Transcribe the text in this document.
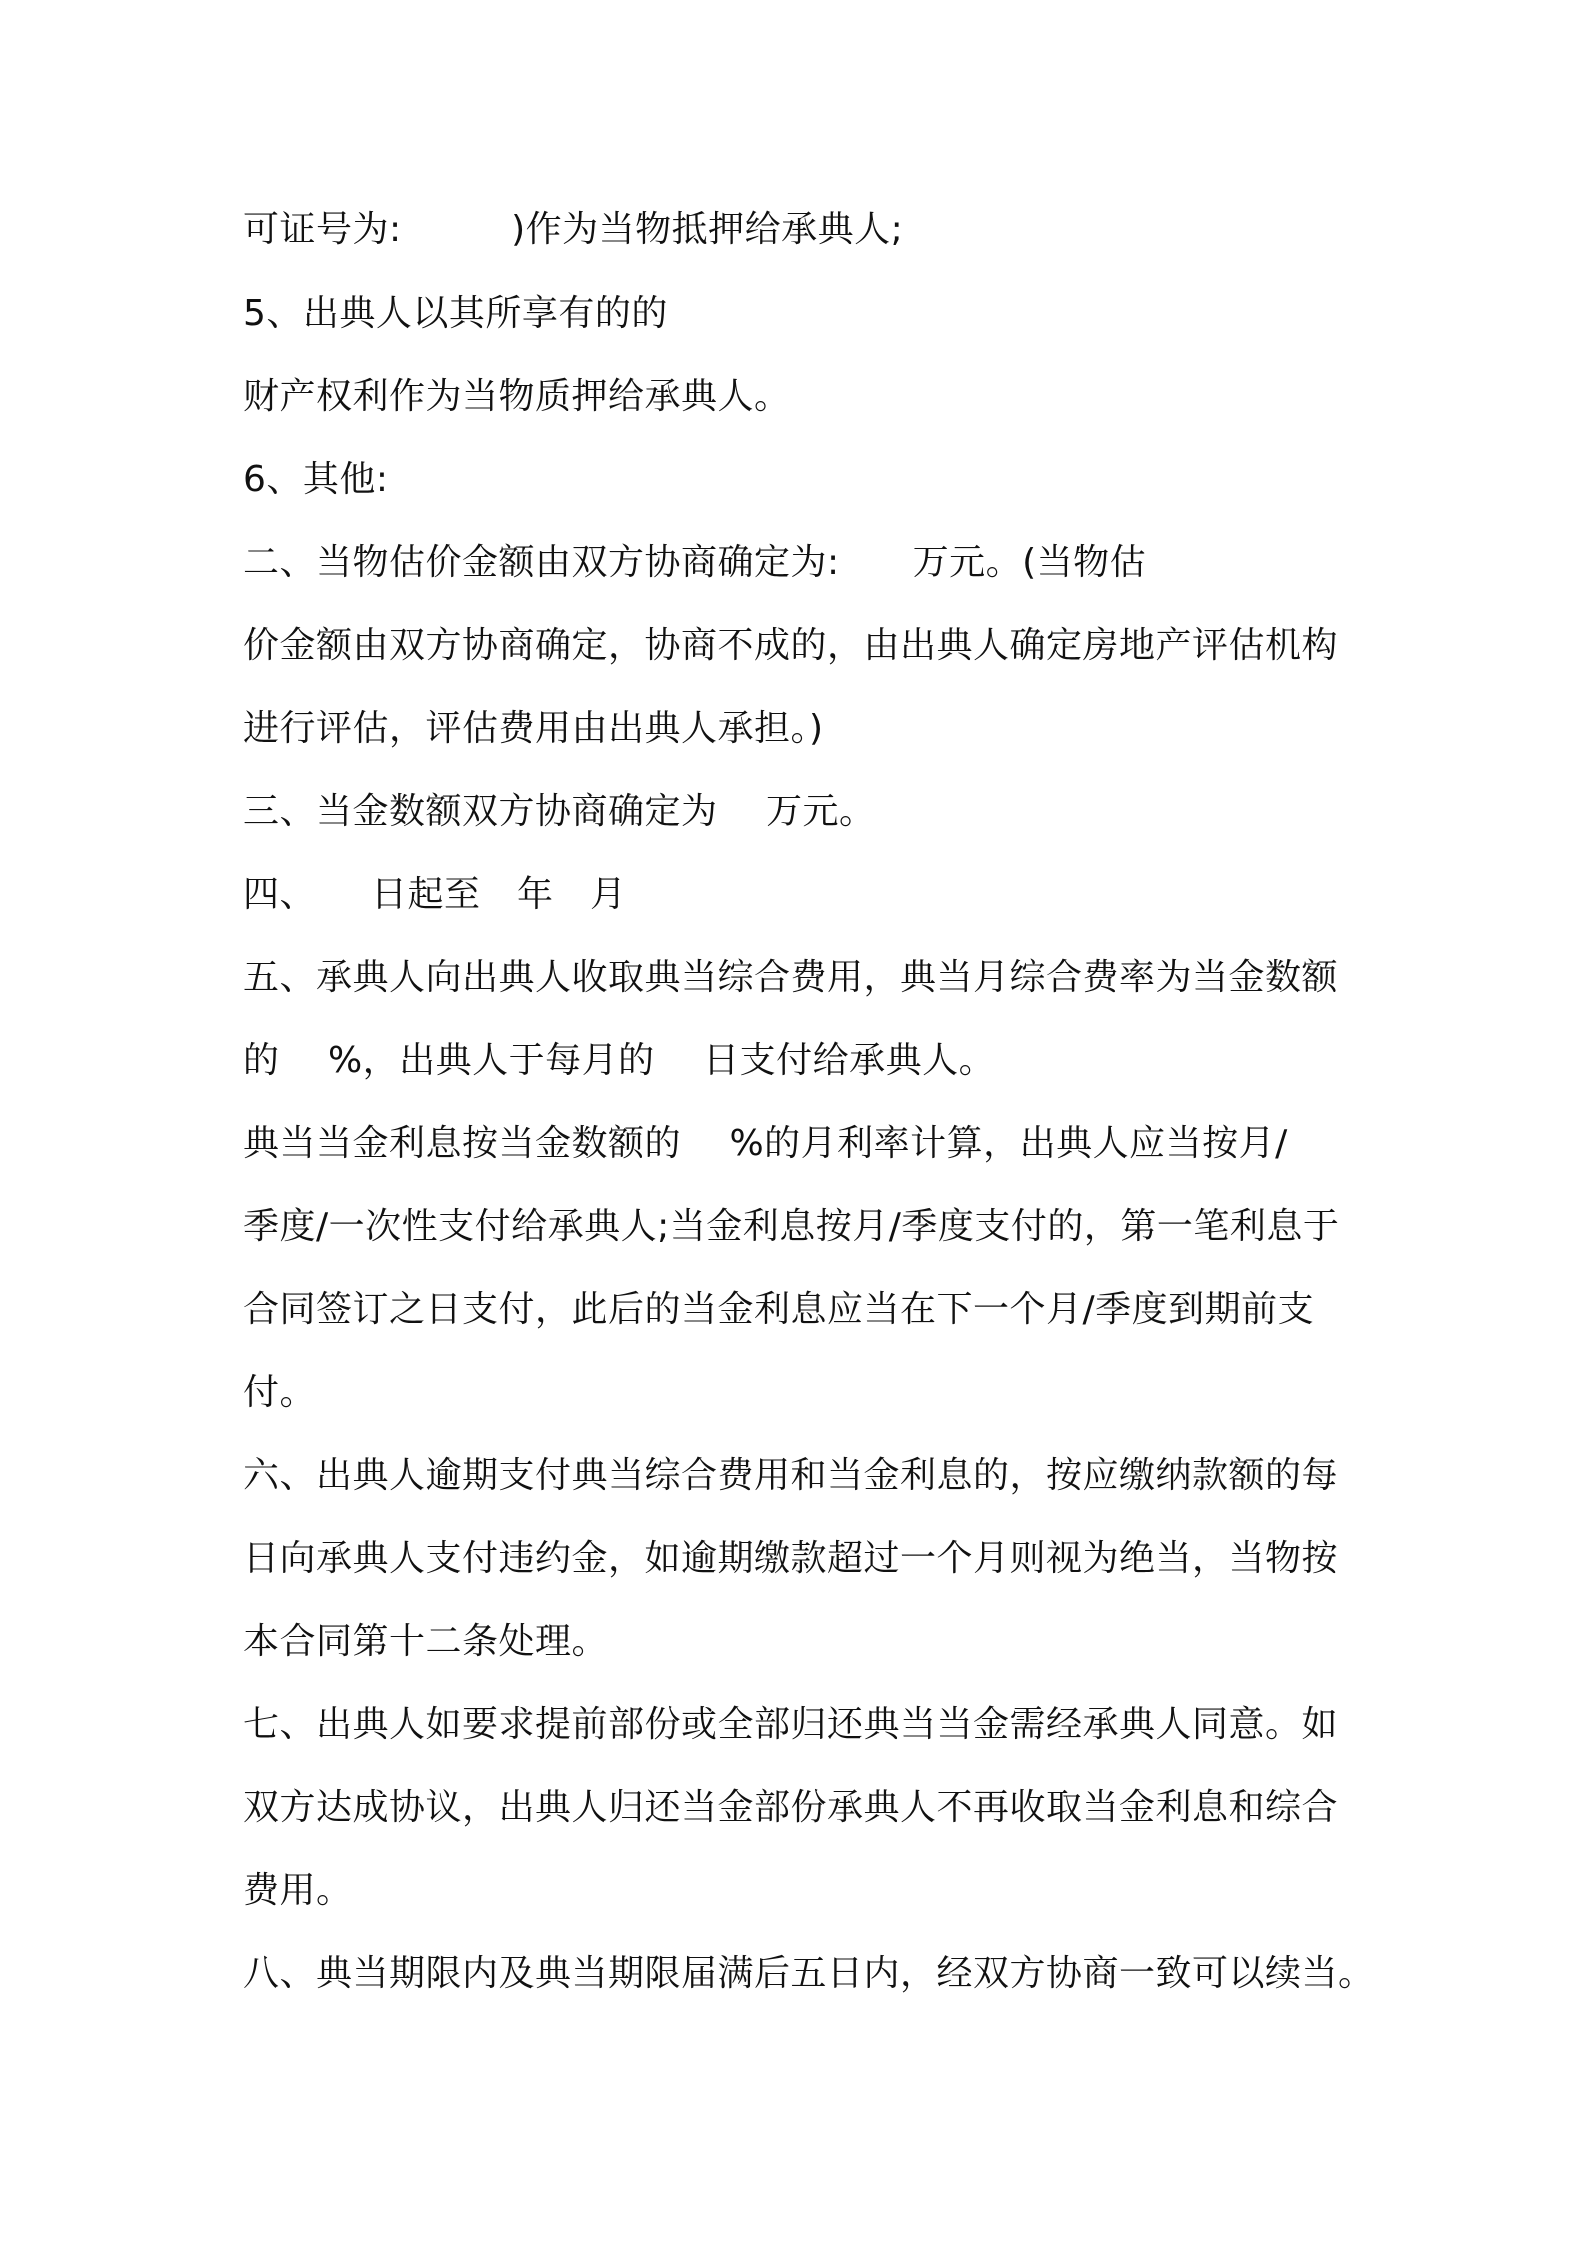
可证号为:　　　)作为当物抵押给承典人;
5、出典人以其所享有的的
财产权利作为当物质押给承典人。
6、其他:
二、当物估价金额由双方协商确定为:　　万元。(当物估
价金额由双方协商确定，协商不成的，由出典人确定房地产评估机构
进行评估，评估费用由出典人承担。)
三、当金数额双方协商确定为　 万元。
四、　　日起至　年　月
五、承典人向出典人收取典当综合费用，典当月综合费率为当金数额
的　 %，出典人于每月的　 日支付给承典人。
典当当金利息按当金数额的　 %的月利率计算，出典人应当按月/
季度/一次性支付给承典人;当金利息按月/季度支付的，第一笔利息于
合同签订之日支付，此后的当金利息应当在下一个月/季度到期前支
付。
六、出典人逾期支付典当综合费用和当金利息的，按应缴纳款额的每
日向承典人支付违约金，如逾期缴款超过一个月则视为绝当，当物按
本合同第十二条处理。
七、出典人如要求提前部份或全部归还典当当金需经承典人同意。如
双方达成协议，出典人归还当金部份承典人不再收取当金利息和综合
费用。
八、典当期限内及典当期限届满后五日内，经双方协商一致可以续当。
